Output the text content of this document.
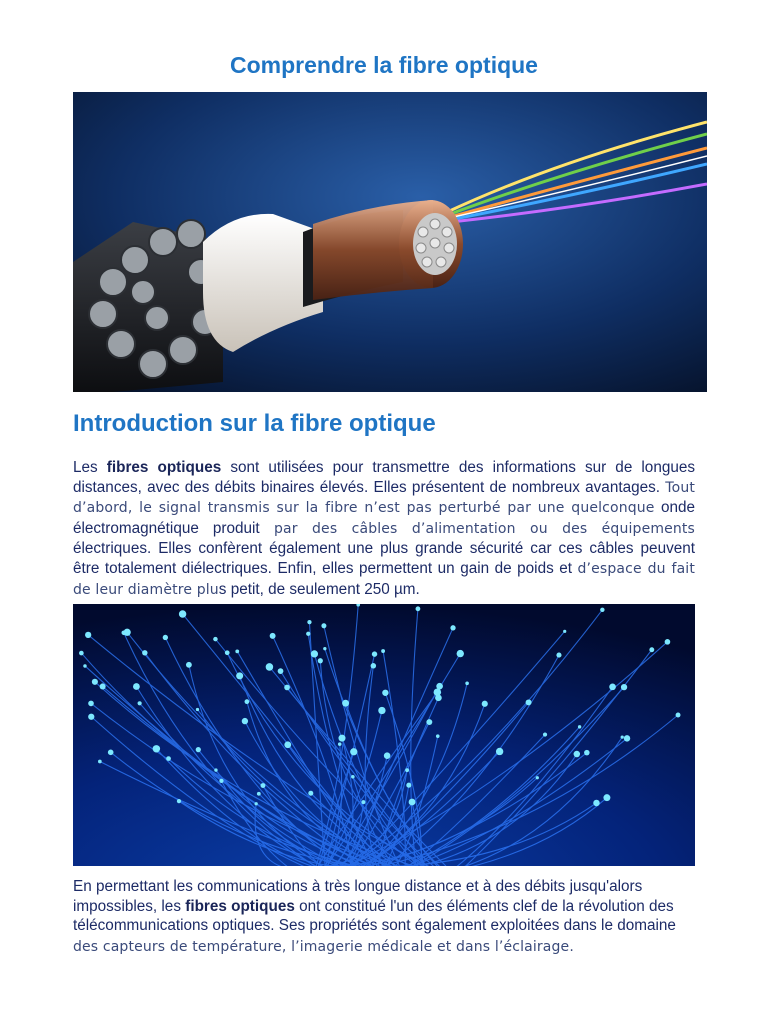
Comprendre la fibre optique
Introduction sur la fibre optique

Les fibres optiques sont utilisées pour transmettre des informations sur de longues distances, avec des débits binaires élevés. Elles présentent de nombreux avantages. Tout d’abord, le signal transmis sur la fibre n’est pas perturbé par une quelconque onde électromagnétique produit par des câbles d’alimentation ou des équipements électriques. Elles confèrent également une plus grande sécurité car ces câbles peuvent être totalement diélectriques. Enfin, elles permettent un gain de poids et d’espace du fait de leur diamètre plus petit, de seulement 250 µm.

En permettant les communications à très longue distance et à des débits jusqu'alors impossibles, les fibres optiques ont constitué l'un des éléments clef de la révolution des télécommunications optiques. Ses propriétés sont également exploitées dans le domaine des capteurs de température, l’imagerie médicale et dans l’éclairage.
